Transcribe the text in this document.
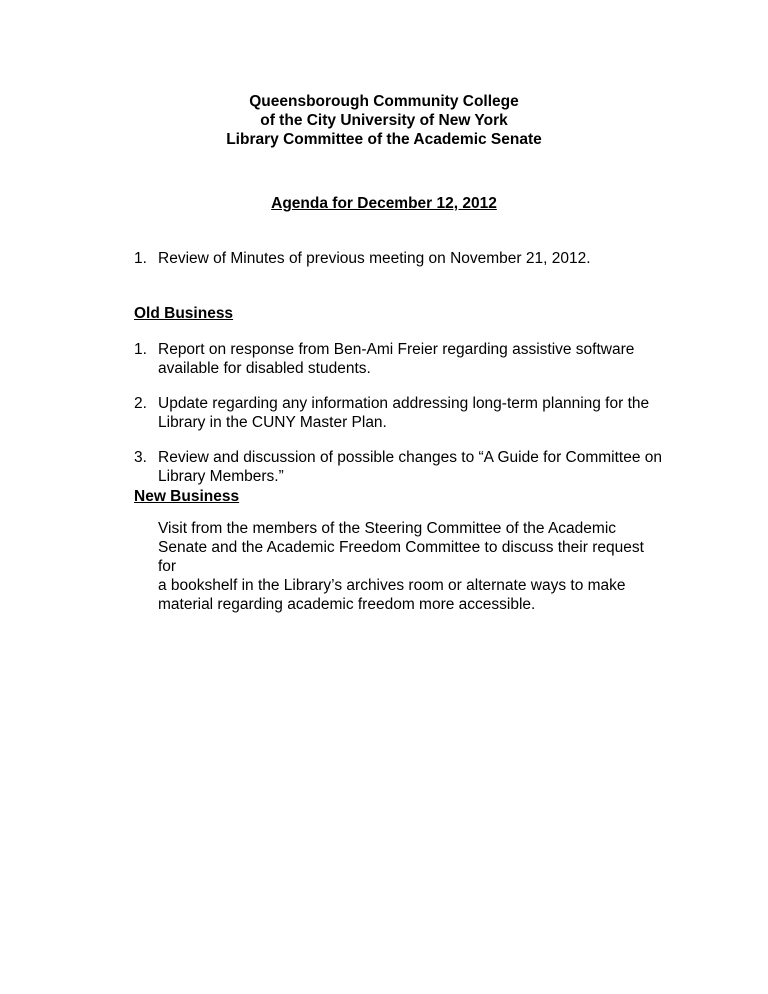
Queensborough Community College
of the City University of New York
Library Committee of the Academic Senate
Agenda for December 12, 2012
1. Review of Minutes of previous meeting on November 21, 2012.
Old Business
1. Report on response from Ben-Ami Freier regarding assistive software
available for disabled students.
2. Update regarding any information addressing long-term planning for the
Library in the CUNY Master Plan.
3. Review and discussion of possible changes to “A Guide for Committee on
Library Members.”
New Business
Visit from the members of the Steering Committee of the Academic
Senate and the Academic Freedom Committee to discuss their request for
a bookshelf in the Library’s archives room or alternate ways to make
material regarding academic freedom more accessible.
